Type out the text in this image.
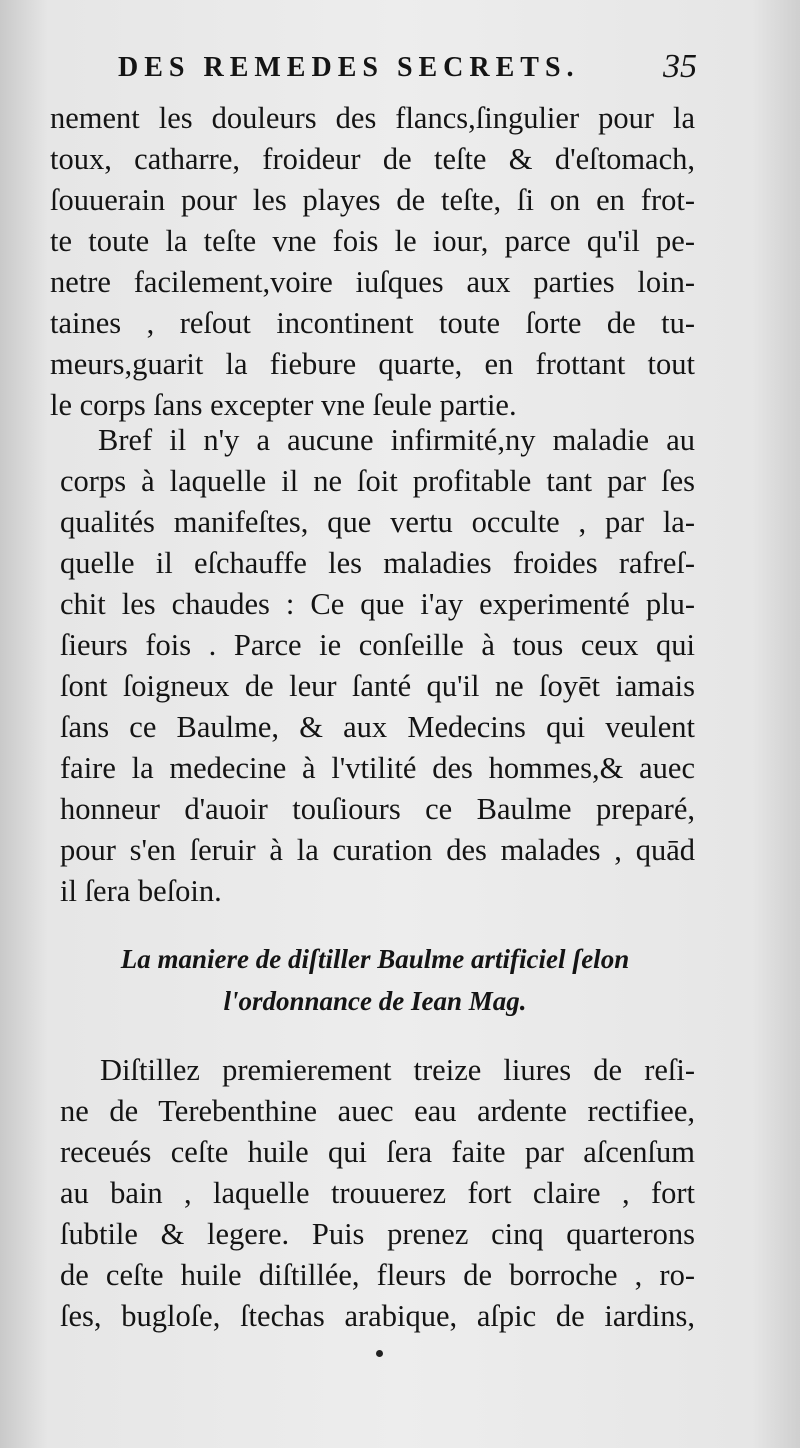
DES REMEDES SECRETS. 35
nement les douleurs des flancs,ſingulier pour la
toux, catharre, froideur de teſte & d'eſtomach,
ſouuerain pour les playes de teſte, ſi on en frot-
te toute la teſte vne fois le iour, parce qu'il pe-
netre facilement,voire iuſques aux parties loin-
taines , reſout incontinent toute ſorte de tu-
meurs,guarit la fiebure quarte, en frottant tout
le corps ſans excepter vne ſeule partie.
Bref il n'y a aucune infirmité,ny maladie au
corps à laquelle il ne ſoit profitable tant par ſes
qualités manifeſtes, que vertu occulte , par la-
quelle il eſchauffe les maladies froides rafreſ-
chit les chaudes : Ce que i'ay experimenté plu-
ſieurs fois . Parce ie conſeille à tous ceux qui
ſont ſoigneux de leur ſanté qu'il ne ſoyēt iamais
ſans ce Baulme, & aux Medecins qui veulent
faire la medecine à l'vtilité des hommes,& auec
honneur d'auoir touſiours ce Baulme preparé,
pour s'en ſeruir à la curation des malades , quād
il ſera beſoin.
La maniere de diſtiller Baulme artificiel ſelon
l'ordonnance de Iean Mag.
Diſtillez premierement treize liures de reſi-
ne de Terebenthine auec eau ardente rectifiee,
receués ceſte huile qui ſera faite par aſcenſum
au bain , laquelle trouuerez fort claire , fort
ſubtile & legere. Puis prenez cinq quarterons
de ceſte huile diſtillée, fleurs de borroche , ro-
ſes, bugloſe, ſtechas arabique, aſpic de iardins,
